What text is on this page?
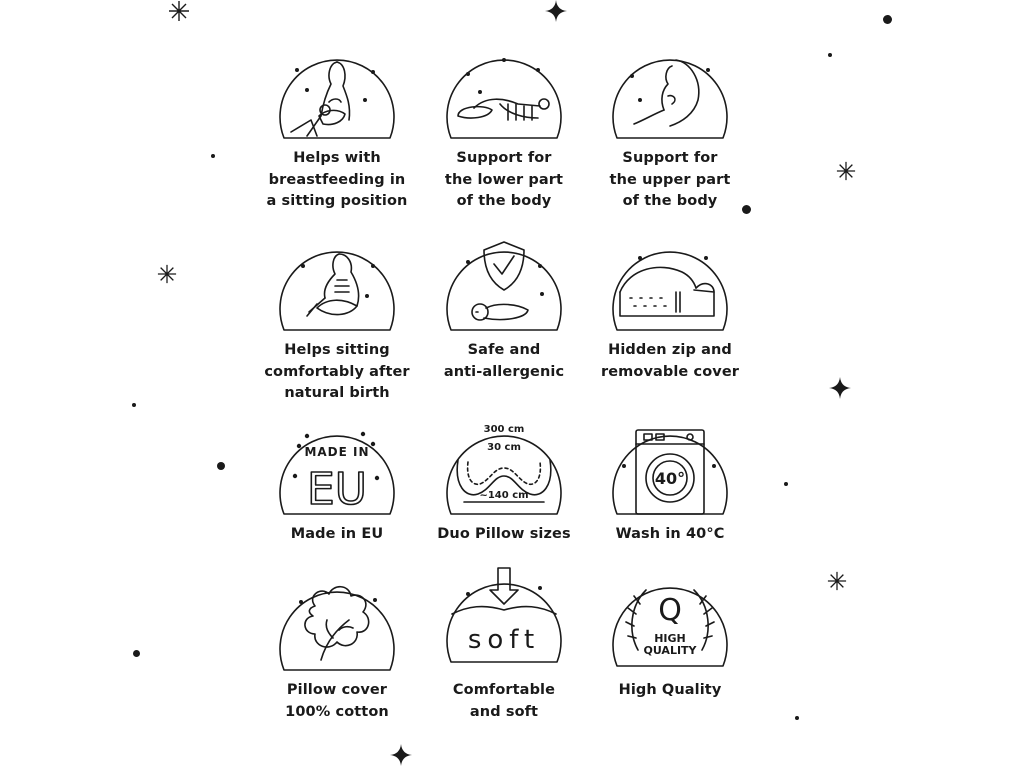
Helps with
breastfeeding in
a sitting position
Support for
the lower part
of the body
Support for
the upper part
of the body
Helps sitting
comfortably after
natural birth
Safe and
anti-allergenic
Hidden zip and
removable cover
MADE IN
EU
Made in EU
300 cm
30 cm
~140 cm
Duo Pillow sizes
40°
Wash in 40°C
Pillow cover
100% cotton
soft
Comfortable
and soft
Q
HIGH
QUALITY
High Quality
